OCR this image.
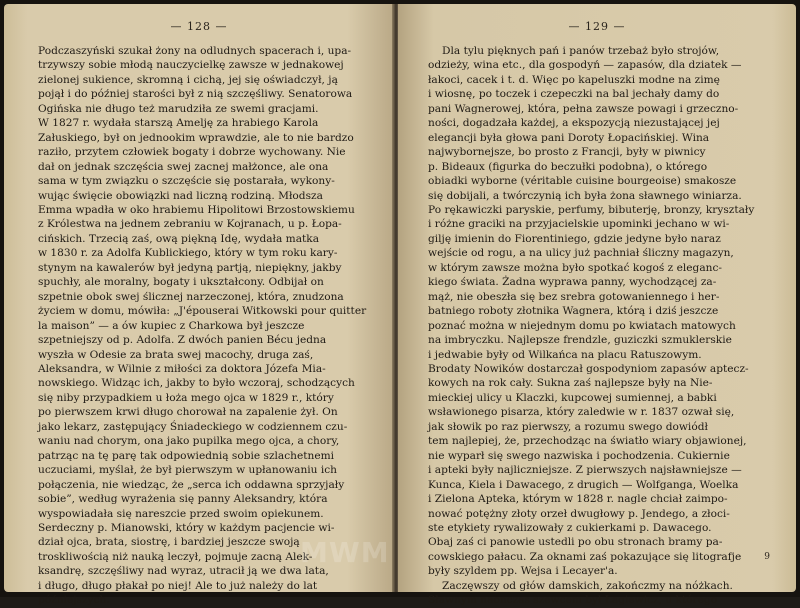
— 128 —
Podczaszyński szukał żony na odludnych spacerach i, upa-
trzywszy sobie młodą nauczycielkę zawsze w jednakowej
zielonej sukience, skromną i cichą, jej się oświadczył, ją
pojął i do później starości był z nią szczęśliwy. Senatorowa
Ogińska nie długo też marudziła ze swemi gracjami.
W 1827 r. wydała starszą Amelję za hrabiego Karola
Załuskiego, był on jednookim wprawdzie, ale to nie bardzo
raziło, przytem człowiek bogaty i dobrze wychowany. Nie
dał on jednak szczęścia swej zacnej małżonce, ale ona
sama w tym związku o szczęście się postarała, wykony-
wując święcie obowiązki nad liczną rodziną. Młodsza
Emma wpadła w oko hrabiemu Hipolitowi Brzostowskiemu
z Królestwa na jednem zebraniu w Kojranach, u p. Łopa-
cińskich. Trzecią zaś, ową piękną Idę, wydała matka
w 1830 r. za Adolfa Kublickiego, który w tym roku kary-
stynym na kawalerów był jedyną partją, niepiękny, jakby
spuchły, ale moralny, bogaty i ukształcony. Odbijał on
szpetnie obok swej ślicznej narzeczonej, która, znudzona
życiem w domu, mówiła: „J'épouserai Witkowski pour quitter
la maison” — a ów kupiec z Charkowa był jeszcze
szpetniejszy od p. Adolfa. Z dwóch panien Bécu jedna
wyszła w Odesie za brata swej macochy, druga zaś,
Aleksandra, w Wilnie z miłości za doktora Józefa Mia-
nowskiego. Widząc ich, jakby to było wczoraj, schodzących
się niby przypadkiem u łoża mego ojca w 1829 r., który
po pierwszem krwi długo chorował na zapalenie żył. On
jako lekarz, zastępujący Śniadeckiego w codziennem czu-
waniu nad chorym, ona jako pupilka mego ojca, a chory,
patrząc na tę parę tak odpowiednią sobie szlachetnemi
uczuciami, myślał, że był pierwszym w upłanowaniu ich
połączenia, nie wiedząc, że „serca ich oddawna sprzyjały
sobie”, według wyrażenia się panny Aleksandry, która
wyspowiadała się nareszcie przed swoim opiekunem.
Serdeczny p. Mianowski, który w każdym pacjencie wi-
dział ojca, brata, siostrę, i bardziej jeszcze swoją
troskliwością niż nauką leczył, pojmuje zacną Alek-
ksandrę, szczęśliwy nad wyraz, utracił ją we dwa lata,
i długo, długo płakał po niej! Ale to już należy do lat
późniejszych.
— 129 —
Dla tylu pięknych pań i panów trzebaż było strojów,
odzieży, wina etc., dla gospodyń — zapasów, dla dziatek —
łakoci, cacek i t. d. Więc po kapeluszki modne na zimę
i wiosnę, po toczek i czepeczki na bal jechały damy do
pani Wagnerowej, która, pełna zawsze powagi i grzeczno-
ności, dogadzała każdej, a ekspozycją niezustającej jej
elegancji była głowa pani Doroty Łopacińskiej. Wina
najwybornejsze, bo prosto z Francji, były w piwnicy
p. Bideaux (figurka do beczułki podobna), o którego
obiadki wyborne (véritable cuisine bourgeoise) smakosze
się dobijali, a twórczynią ich była żona sławnego winiarza.
Po rękawiczki paryskie, perfumy, bibuterję, bronzy, kryształy
i różne graciki na przyjacielskie upominki jechano w wi-
gilję imienin do Fiorentiniego, gdzie jedyne było naraz
wejście od rogu, a na ulicy już pachniał śliczny magazyn,
w którym zawsze można było spotkać kogoś z eleganc-
kiego świata. Żadna wyprawa panny, wychodzącej za-
mąż, nie obeszła się bez srebra gotowaniennego i her-
batniego roboty złotnika Wagnera, którą i dziś jeszcze
poznać można w niejednym domu po kwiatach matowych
na imbryczku. Najlepsze frendzle, guziczki szmuklerskie
i jedwabie były od Wilkańca na placu Ratuszowym.
Brodaty Nowików dostarczał gospodyniom zapasów aptecz-
kowych na rok cały. Sukna zaś najlepsze były na Nie-
mieckiej ulicy u Klaczki, kupcowej sumiennej, a babki
wsławionego pisarza, który zaledwie w r. 1837 ozwał się,
jak słowik po raz pierwszy, a rozumu swego dowiódł
tem najlepiej, że, przechodząc na światło wiary objawionej,
nie wyparł się swego nazwiska i pochodzenia. Cukiernie
i apteki były najliczniejsze. Z pierwszych najsławniejsze —
Kunca, Kiela i Dawacego, z drugich — Wolfganga, Woelka
i Zielona Apteka, którym w 1828 r. nagle chciał zaimpo-
nować potężny złoty orzeł dwugłowy p. Jendego, a złoci-
ste etykiety rywalizowały z cukierkami p. Dawacego.
Obaj zaś ci panowie ustedli po obu stronach bramy pa-
cowskiego pałacu. Za oknami zaś pokazujące się litografje
były szyldem pp. Wejsa i Lecayer'a.
Zaczęwszy od głów damskich, zakończmy na nóżkach.
Sławnym naonczas szewcem był Łagiewicz, u którego
9
MWM
